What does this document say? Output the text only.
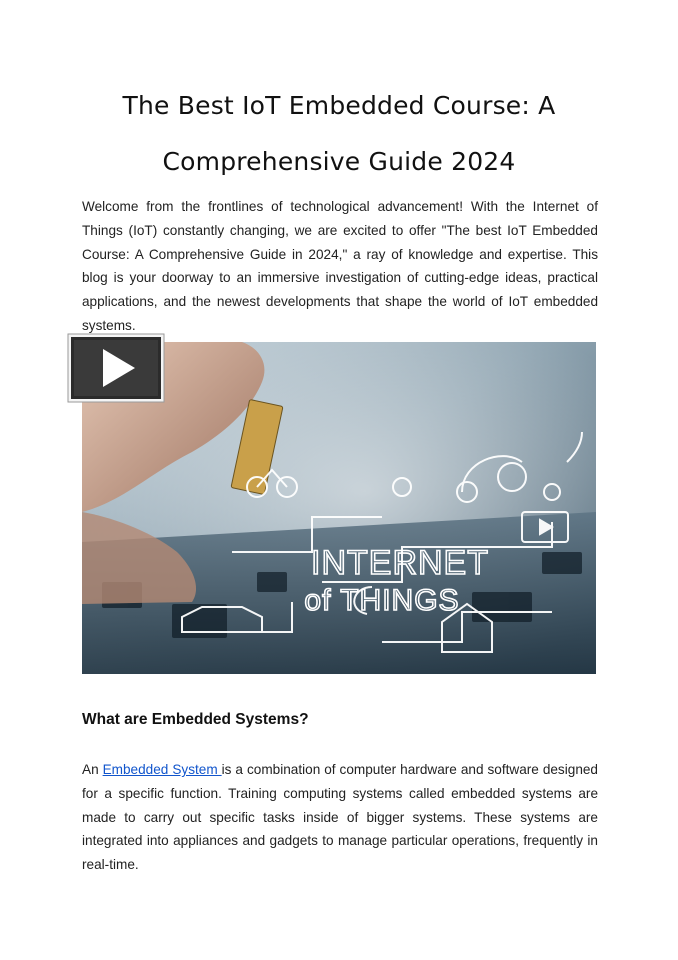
The Best IoT Embedded Course: A
Comprehensive Guide 2024

Welcome from the frontlines of technological advancement! With the Internet of Things (IoT) constantly changing, we are excited to offer "The best IoT Embedded Course: A Comprehensive Guide in 2024," a ray of knowledge and expertise. This blog is your doorway to an immersive investigation of cutting-edge ideas, practical applications, and the newest developments that shape the world of IoT embedded systems.

INTERNET
of THINGS
What are Embedded Systems?

An Embedded System is a combination of computer hardware and software designed for a specific function. Training computing systems called embedded systems are made to carry out specific tasks inside of bigger systems. These systems are integrated into appliances and gadgets to manage particular operations, frequently in real-time.
